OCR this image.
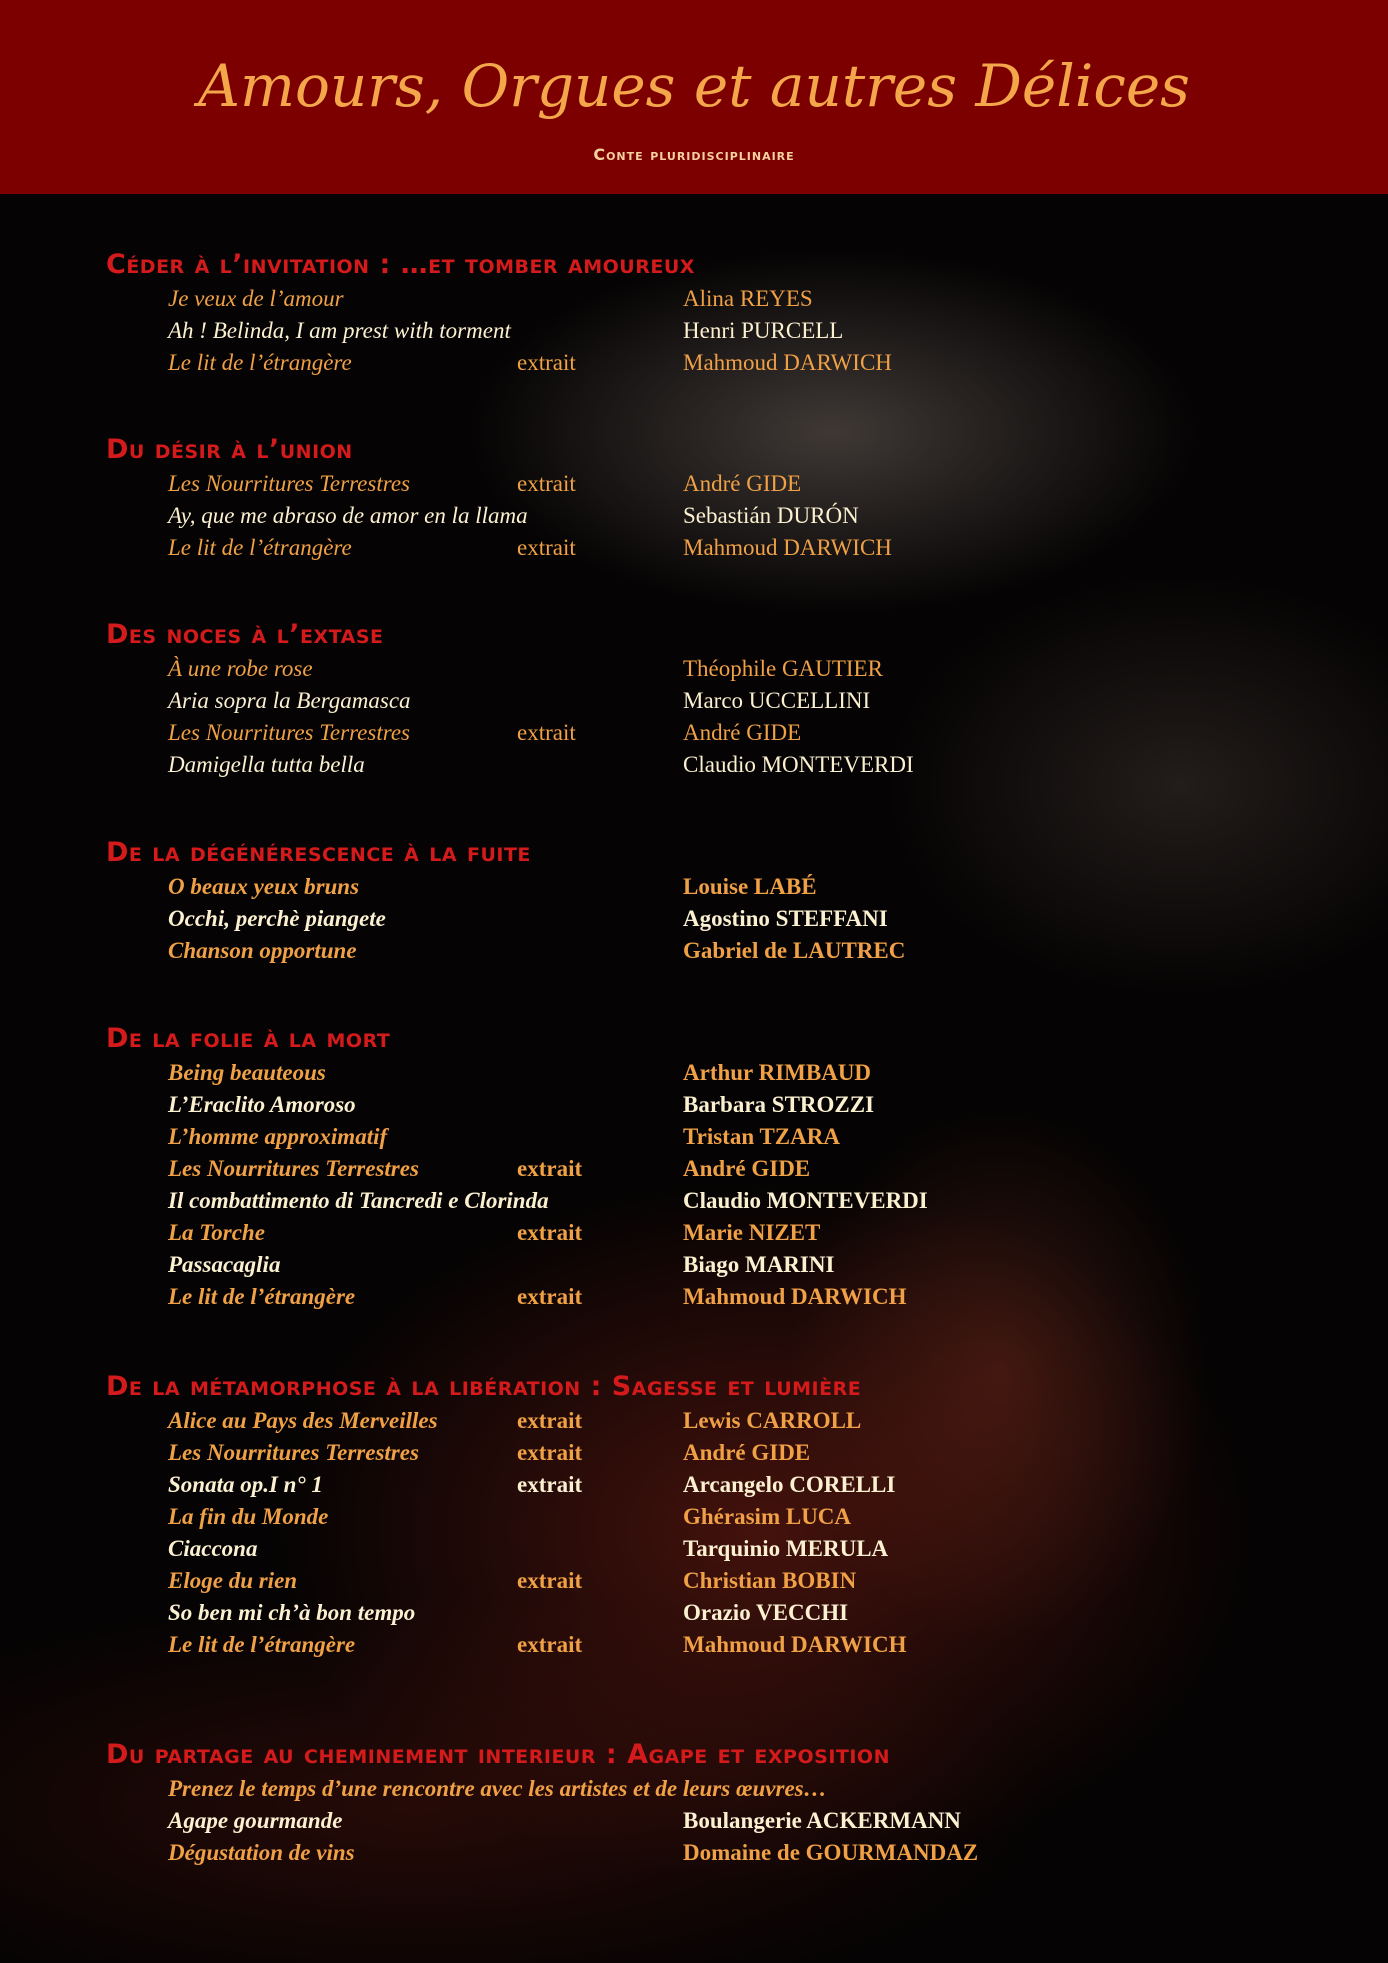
Amours, Orgues et autres Délices
Conte pluridisciplinaire
Céder à l’invitation : …et tomber amoureux
Je veux de l’amour	Alina REYES
Ah ! Belinda, I am prest with torment	Henri PURCELL
Le lit de l’étrangère	extrait	Mahmoud DARWICH
Du désir à l’union
Les Nourritures Terrestres	extrait	André GIDE
Ay, que me abraso de amor en la llama	Sebastián DURÓN
Le lit de l’étrangère	extrait	Mahmoud DARWICH
Des noces à l’extase
À une robe rose	Théophile GAUTIER
Aria sopra la Bergamasca	Marco UCCELLINI
Les Nourritures Terrestres	extrait	André GIDE
Damigella tutta bella	Claudio MONTEVERDI
De la dégénérescence à la fuite
O beaux yeux bruns	Louise LABÉ
Occhi, perchè piangete	Agostino STEFFANI
Chanson opportune	Gabriel de LAUTREC
De la folie à la mort
Being beauteous	Arthur RIMBAUD
L’Eraclito Amoroso	Barbara STROZZI
L’homme approximatif	Tristan TZARA
Les Nourritures Terrestres	extrait	André GIDE
Il combattimento di Tancredi e Clorinda	Claudio MONTEVERDI
La Torche	extrait	Marie NIZET
Passacaglia	Biago MARINI
Le lit de l’étrangère	extrait	Mahmoud DARWICH
De la métamorphose à la libération : Sagesse et lumière
Alice au Pays des Merveilles	extrait	Lewis CARROLL
Les Nourritures Terrestres	extrait	André GIDE
Sonata op.I n° 1	extrait	Arcangelo CORELLI
La fin du Monde	Ghérasim LUCA
Ciaccona	Tarquinio MERULA
Eloge du rien	extrait	Christian BOBIN
So ben mi ch’à bon tempo	Orazio VECCHI
Le lit de l’étrangère	extrait	Mahmoud DARWICH
Du partage au cheminement interieur : Agape et exposition
Prenez le temps d’une rencontre avec les artistes et de leurs œuvres…
Agape gourmande	Boulangerie ACKERMANN
Dégustation de vins	Domaine de GOURMANDAZ
